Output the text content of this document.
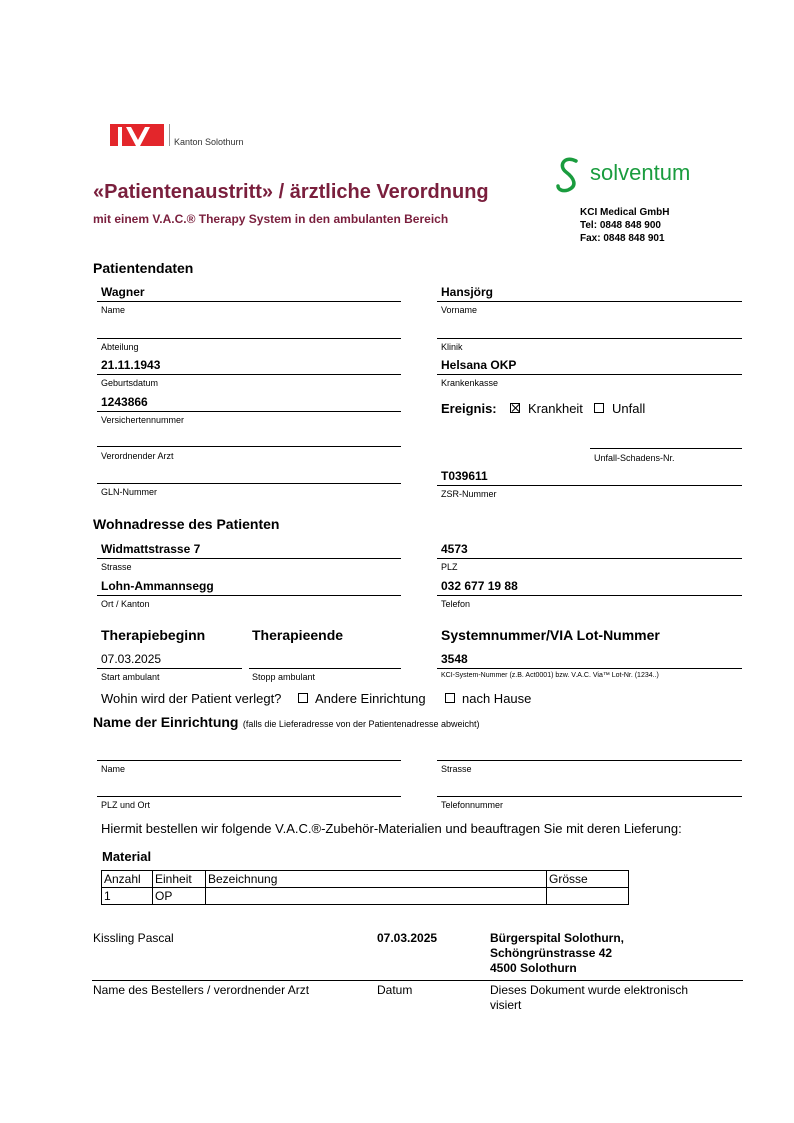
Kanton Solothurn
solventum
KCI Medical GmbH
Tel: 0848 848 900
Fax: 0848 848 901
«Patientenaustritt» / ärztliche Verordnung
mit einem V.A.C.® Therapy System in den ambulanten Bereich
Patientendaten
Wagner
Name
Hansjörg
Vorname
Abteilung	Klinik
21.11.1943
Geburtsdatum
Helsana OKP
Krankenkasse
1243866
Versichertennummer
Ereignis: Krankheit Unfall
Verordnender Arzt	Unfall-Schadens-Nr.
GLN-Nummer
T039611
ZSR-Nummer
Wohnadresse des Patienten
Widmattstrasse 7
Strasse
4573
PLZ
Lohn-Ammannsegg
Ort / Kanton
032 677 19 88
Telefon
Therapiebeginn	Therapieende	Systemnummer/VIA Lot-Nummer
07.03.2025
Start ambulant	Stopp ambulant
3548
KCI-System-Nummer (z.B. Act0001) bzw. V.A.C. Via™ Lot-Nr. (1234..)
Wohin wird der Patient verlegt?	Andere Einrichtung	nach Hause
Name der Einrichtung (falls die Lieferadresse von der Patientenadresse abweicht)
Name	Strasse
PLZ und Ort	Telefonnummer
Hiermit bestellen wir folgende V.A.C.®-Zubehör-Materialien und beauftragen Sie mit deren Lieferung:
Material
Anzahl	Einheit	Bezeichnung	Grösse
1	OP		
Kissling Pascal	07.03.2025	Bürgerspital Solothurn,
Schöngrünstrasse 42
4500 Solothurn
Name des Bestellers / verordnender Arzt	Datum	Dieses Dokument wurde elektronisch
visiert
